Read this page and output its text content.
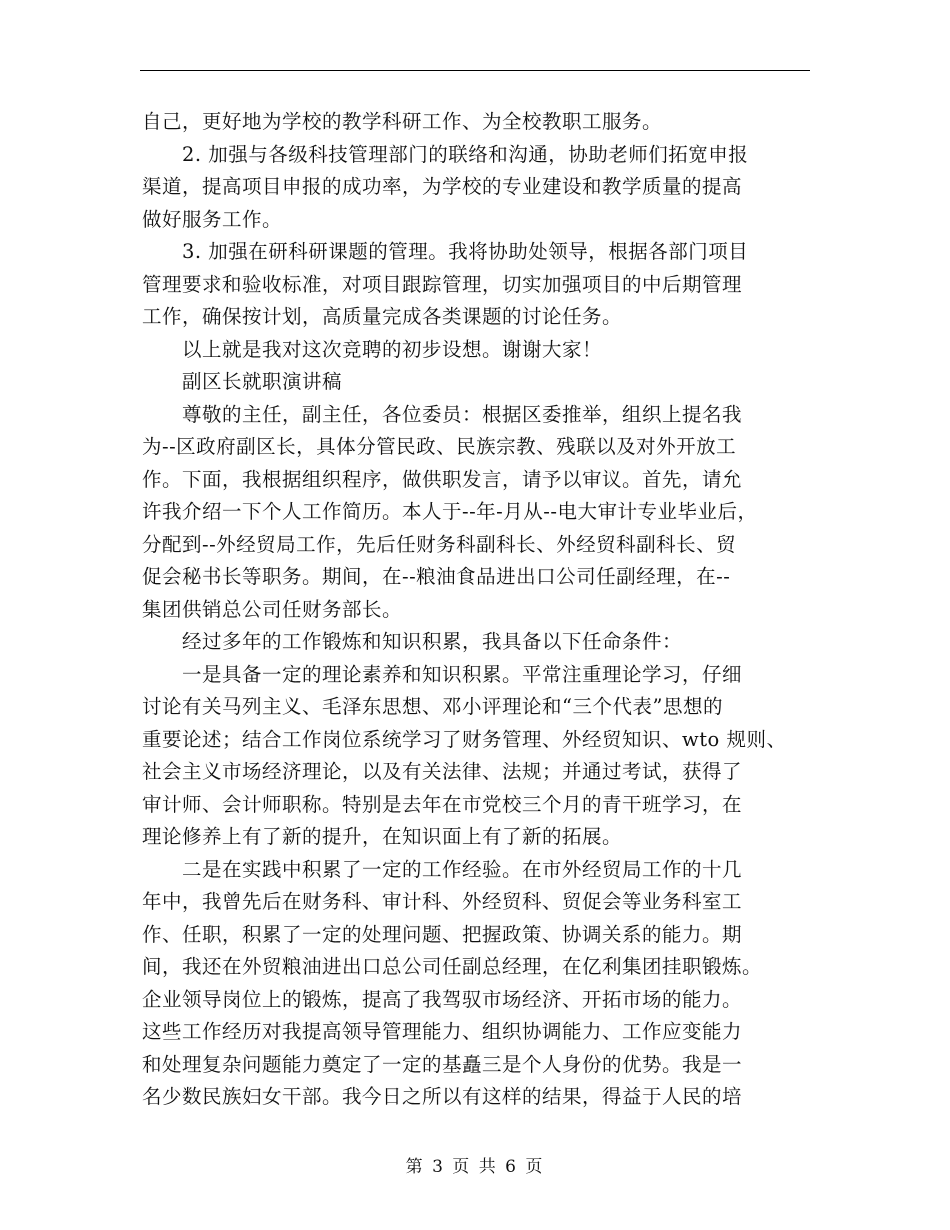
自己，更好地为学校的教学科研工作、为全校教职工服务。
　　2. 加强与各级科技管理部门的联络和沟通，协助老师们拓宽申报
渠道，提高项目申报的成功率，为学校的专业建设和教学质量的提高
做好服务工作。
　　3. 加强在研科研课题的管理。我将协助处领导，根据各部门项目
管理要求和验收标准，对项目跟踪管理，切实加强项目的中后期管理
工作，确保按计划，高质量完成各类课题的讨论任务。
　　以上就是我对这次竞聘的初步设想。谢谢大家！
　　副区长就职演讲稿
　　尊敬的主任，副主任，各位委员：根据区委推举，组织上提名我
为--区政府副区长，具体分管民政、民族宗教、残联以及对外开放工
作。下面，我根据组织程序，做供职发言，请予以审议。首先，请允
许我介绍一下个人工作简历。本人于--年-月从--电大审计专业毕业后，
分配到--外经贸局工作，先后任财务科副科长、外经贸科副科长、贸
促会秘书长等职务。期间，在--粮油食品进出口公司任副经理，在--
集团供销总公司任财务部长。
　　经过多年的工作锻炼和知识积累，我具备以下任命条件：
　　一是具备一定的理论素养和知识积累。平常注重理论学习，仔细
讨论有关马列主义、毛泽东思想、邓小评理论和“三个代表”思想的
重要论述；结合工作岗位系统学习了财务管理、外经贸知识、wto 规则、
社会主义市场经济理论，以及有关法律、法规；并通过考试，获得了
审计师、会计师职称。特别是去年在市党校三个月的青干班学习，在
理论修养上有了新的提升，在知识面上有了新的拓展。
　　二是在实践中积累了一定的工作经验。在市外经贸局工作的十几
年中，我曾先后在财务科、审计科、外经贸科、贸促会等业务科室工
作、任职，积累了一定的处理问题、把握政策、协调关系的能力。期
间，我还在外贸粮油进出口总公司任副总经理，在亿利集团挂职锻炼。
企业领导岗位上的锻炼，提高了我驾驭市场经济、开拓市场的能力。
这些工作经历对我提高领导管理能力、组织协调能力、工作应变能力
和处理复杂问题能力奠定了一定的基矗三是个人身份的优势。我是一
名少数民族妇女干部。我今日之所以有这样的结果，得益于人民的培
第 3 页 共 6 页
